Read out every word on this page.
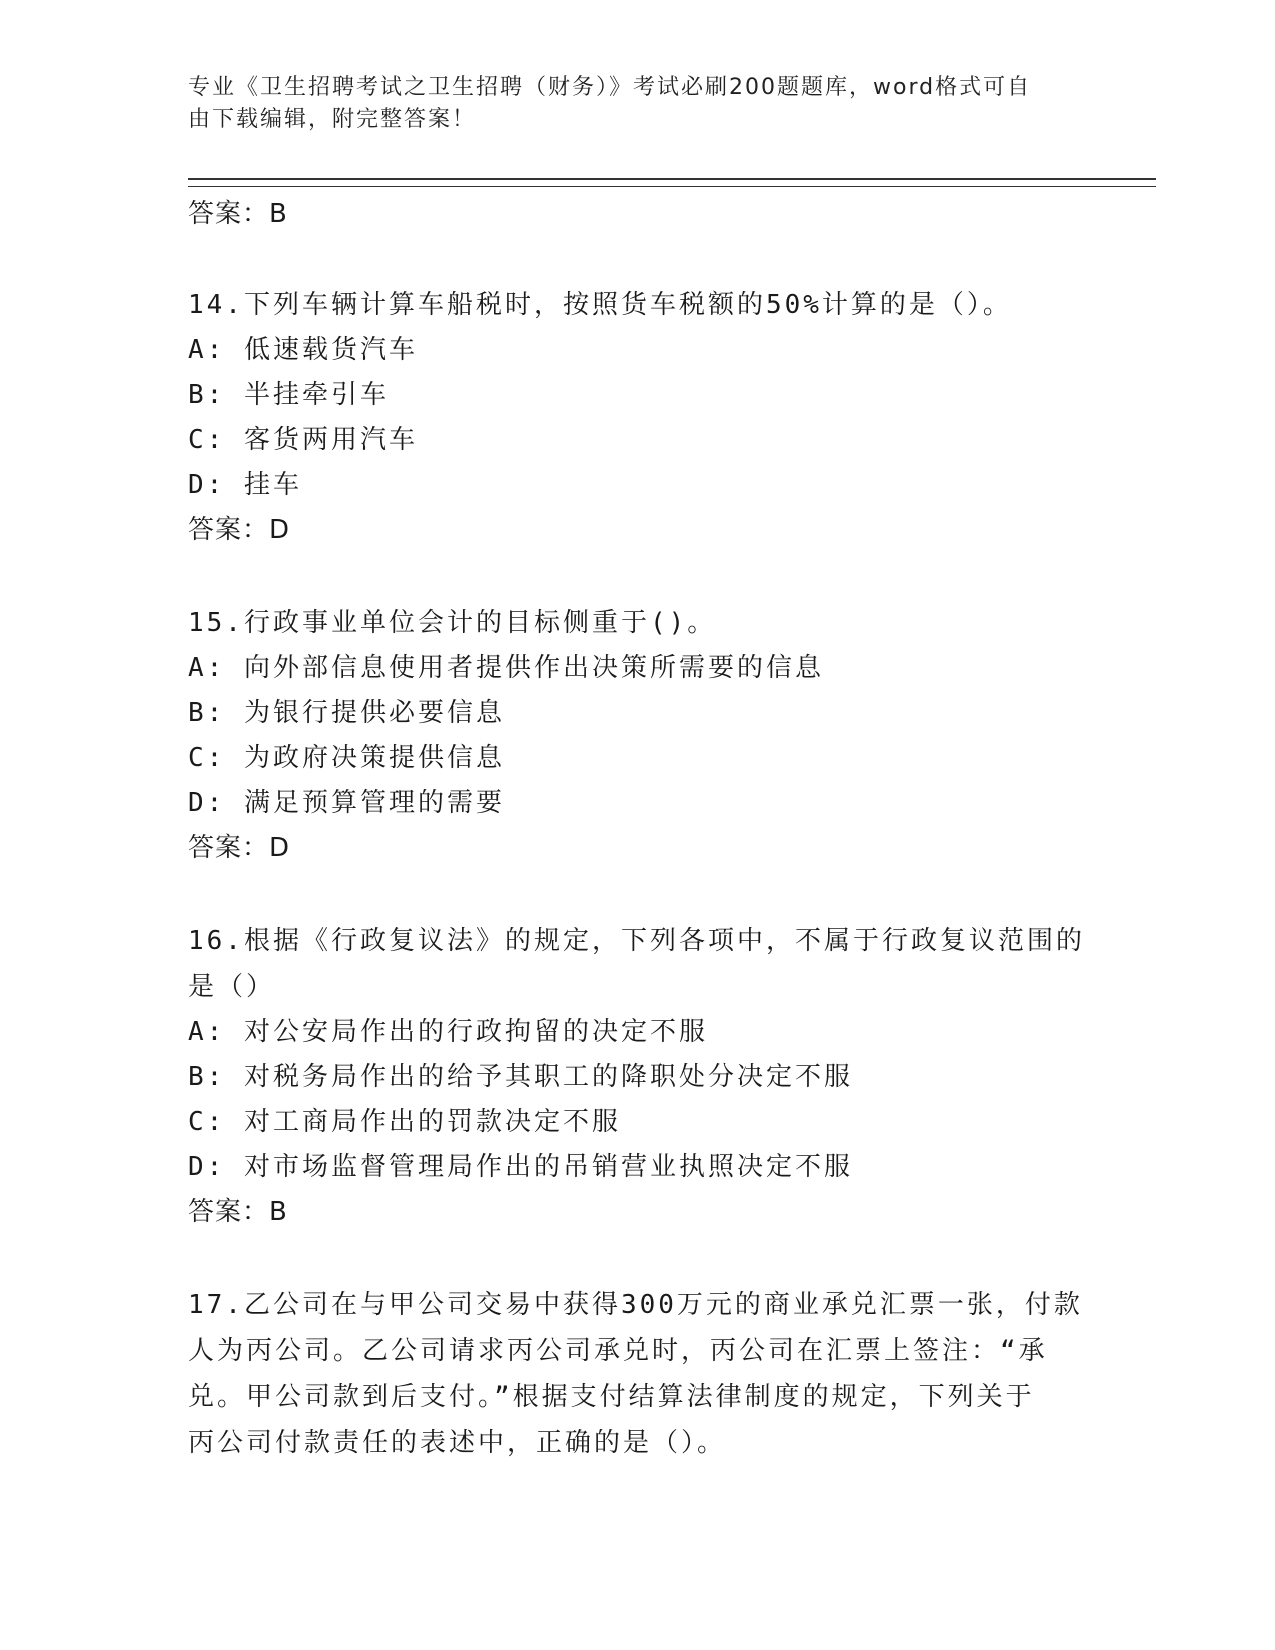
专业《卫生招聘考试之卫生招聘（财务）》考试必刷200题题库，word格式可自
由下载编辑，附完整答案！
答案：B
14.下列车辆计算车船税时，按照货车税额的50%计算的是（）。
A: 低速载货汽车
B: 半挂牵引车
C: 客货两用汽车
D: 挂车
答案：D
15.行政事业单位会计的目标侧重于()。
A: 向外部信息使用者提供作出决策所需要的信息
B: 为银行提供必要信息
C: 为政府决策提供信息
D: 满足预算管理的需要
答案：D
16.根据《行政复议法》的规定，下列各项中，不属于行政复议范围的
是（）
A: 对公安局作出的行政拘留的决定不服
B: 对税务局作出的给予其职工的降职处分决定不服
C: 对工商局作出的罚款决定不服
D: 对市场监督管理局作出的吊销营业执照决定不服
答案：B
17.乙公司在与甲公司交易中获得300万元的商业承兑汇票一张，付款
人为丙公司。乙公司请求丙公司承兑时，丙公司在汇票上签注：“承
兑。甲公司款到后支付。”根据支付结算法律制度的规定，下列关于
丙公司付款责任的表述中，正确的是（）。
